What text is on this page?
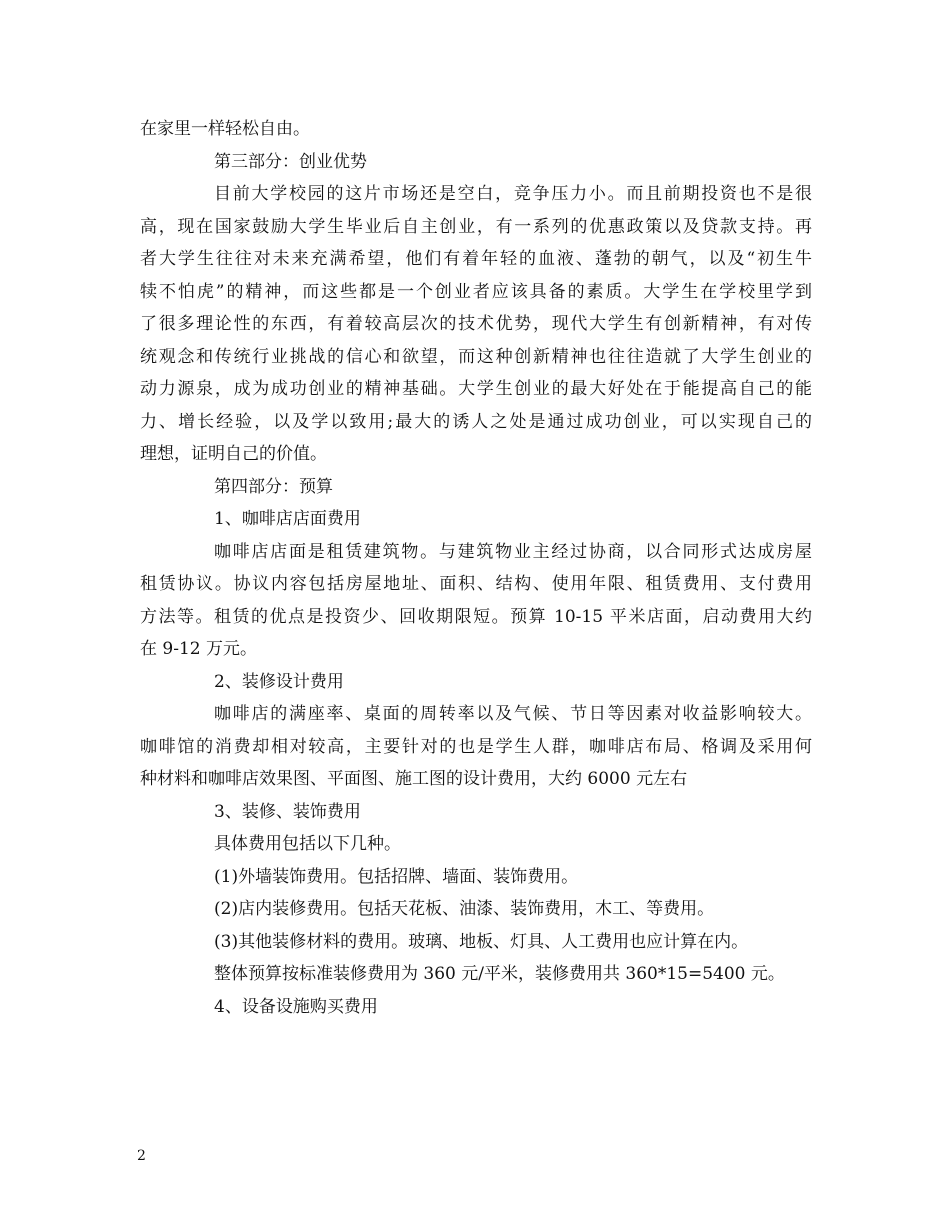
在家里一样轻松自由。
第三部分：创业优势
目前大学校园的这片市场还是空白，竞争压力小。而且前期投资也不是很
高，现在国家鼓励大学生毕业后自主创业，有一系列的优惠政策以及贷款支持。再
者大学生往往对未来充满希望，他们有着年轻的血液、蓬勃的朝气，以及“初生牛
犊不怕虎”的精神，而这些都是一个创业者应该具备的素质。大学生在学校里学到
了很多理论性的东西，有着较高层次的技术优势，现代大学生有创新精神，有对传
统观念和传统行业挑战的信心和欲望，而这种创新精神也往往造就了大学生创业的
动力源泉，成为成功创业的精神基础。大学生创业的最大好处在于能提高自己的能
力、增长经验，以及学以致用;最大的诱人之处是通过成功创业，可以实现自己的
理想，证明自己的价值。
第四部分：预算
1、咖啡店店面费用
咖啡店店面是租赁建筑物。与建筑物业主经过协商，以合同形式达成房屋
租赁协议。协议内容包括房屋地址、面积、结构、使用年限、租赁费用、支付费用
方法等。租赁的优点是投资少、回收期限短。预算 10-15 平米店面，启动费用大约
在 9-12 万元。
2、装修设计费用
咖啡店的满座率、桌面的周转率以及气候、节日等因素对收益影响较大。
咖啡馆的消费却相对较高，主要针对的也是学生人群，咖啡店布局、格调及采用何
种材料和咖啡店效果图、平面图、施工图的设计费用，大约 6000 元左右
3、装修、装饰费用
具体费用包括以下几种。
(1)外墙装饰费用。包括招牌、墙面、装饰费用。
(2)店内装修费用。包括天花板、油漆、装饰费用，木工、等费用。
(3)其他装修材料的费用。玻璃、地板、灯具、人工费用也应计算在内。
整体预算按标准装修费用为 360 元/平米，装修费用共 360*15=5400 元。
4、设备设施购买费用
2
